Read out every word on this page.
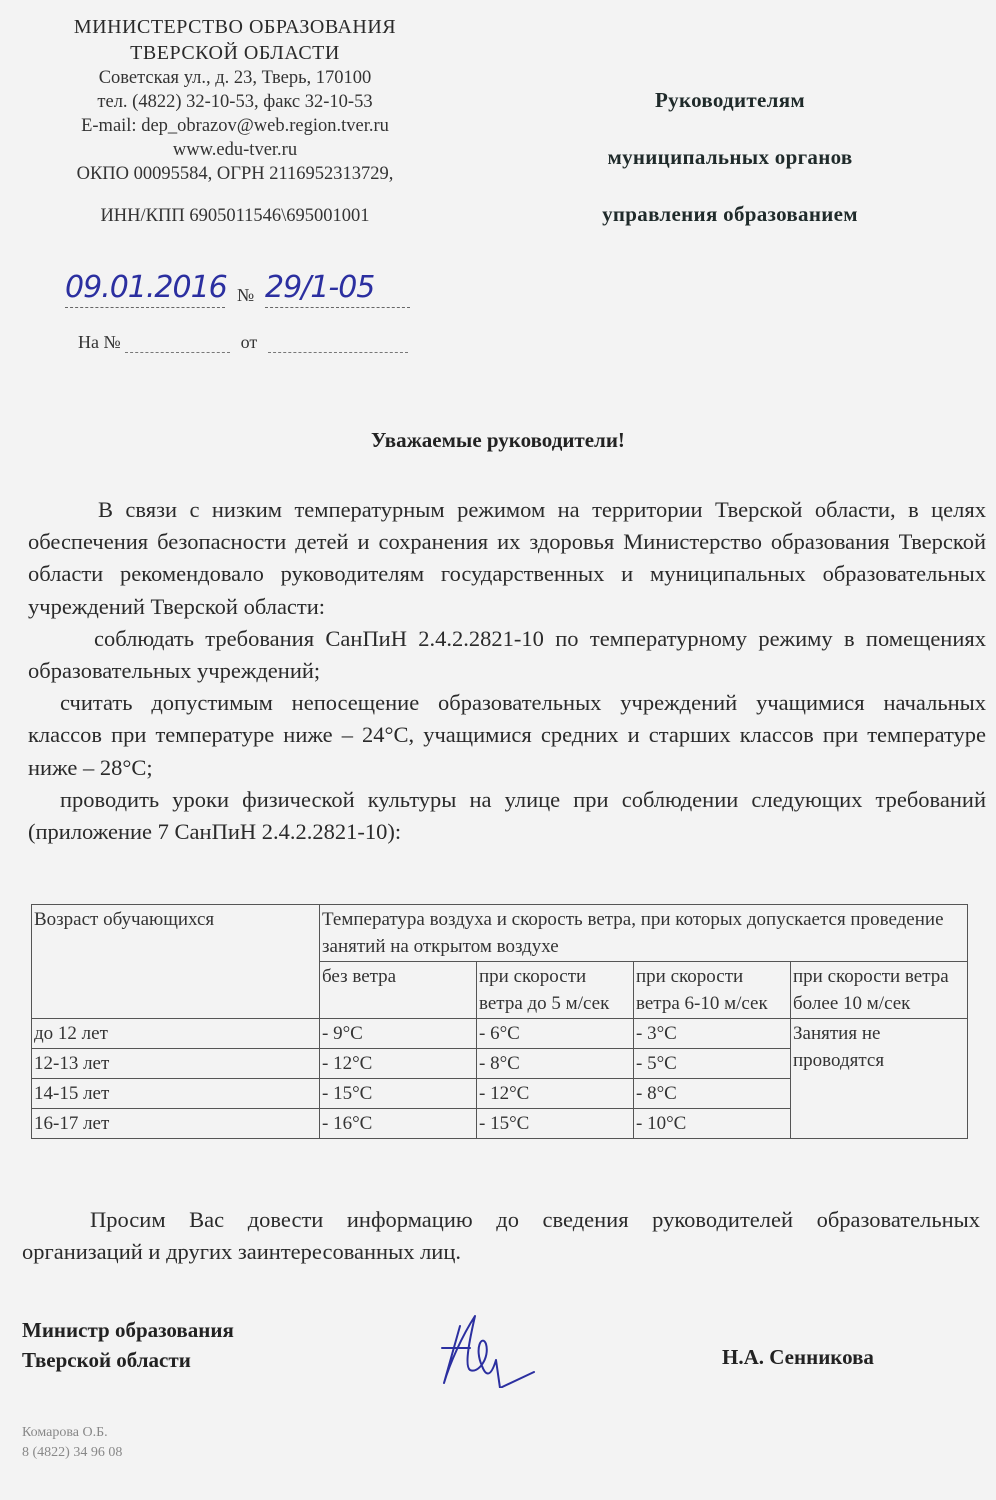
МИНИСТЕРСТВО ОБРАЗОВАНИЯ
ТВЕРСКОЙ ОБЛАСТИ
Советская ул., д. 23, Тверь, 170100
тел. (4822) 32-10-53, факс 32-10-53
E-mail: dep_obrazov@web.region.tver.ru
www.edu-tver.ru
ОКПО 00095584, ОГРН 2116952313729,
ИНН/КПП 6905011546\695001001
Руководителям
муниципальных органов
управления образованием
09.01.2016 № 29/1-05
На №	от
Уважаемые руководители!

В связи с низким температурным режимом на территории Тверской области, в целях обеспечения безопасности детей и сохранения их здоровья Министерство образования Тверской области рекомендовало руководителям государственных и муниципальных образовательных учреждений Тверской области:

соблюдать требования СанПиН 2.4.2.2821-10 по температурному режиму в помещениях образовательных учреждений;

считать допустимым непосещение образовательных учреждений учащимися начальных классов при температуре ниже – 24°С, учащимися средних и старших классов при температуре ниже – 28°С;

проводить уроки физической культуры на улице при соблюдении следующих требований (приложение 7 СанПиН 2.4.2.2821-10):

Возраст обучающихся	Температура воздуха и скорость ветра, при которых допускается проведение занятий на открытом воздухе			
	без ветра	при скорости ветра до 5 м/сек	при скорости ветра 6-10 м/сек	при скорости ветра более 10 м/сек
до 12 лет	- 9°С	- 6°С	- 3°С	Занятия не проводятся
12-13 лет	- 12°С	- 8°С	- 5°С	
14-15 лет	- 15°С	- 12°С	- 8°С	
16-17 лет	- 16°С	- 15°С	- 10°С	

Просим Вас довести информацию до сведения руководителей образовательных организаций и других заинтересованных лиц.

Министр образования
Тверской области	Н.А. Сенникова
Комарова О.Б.
8 (4822) 34 96 08
